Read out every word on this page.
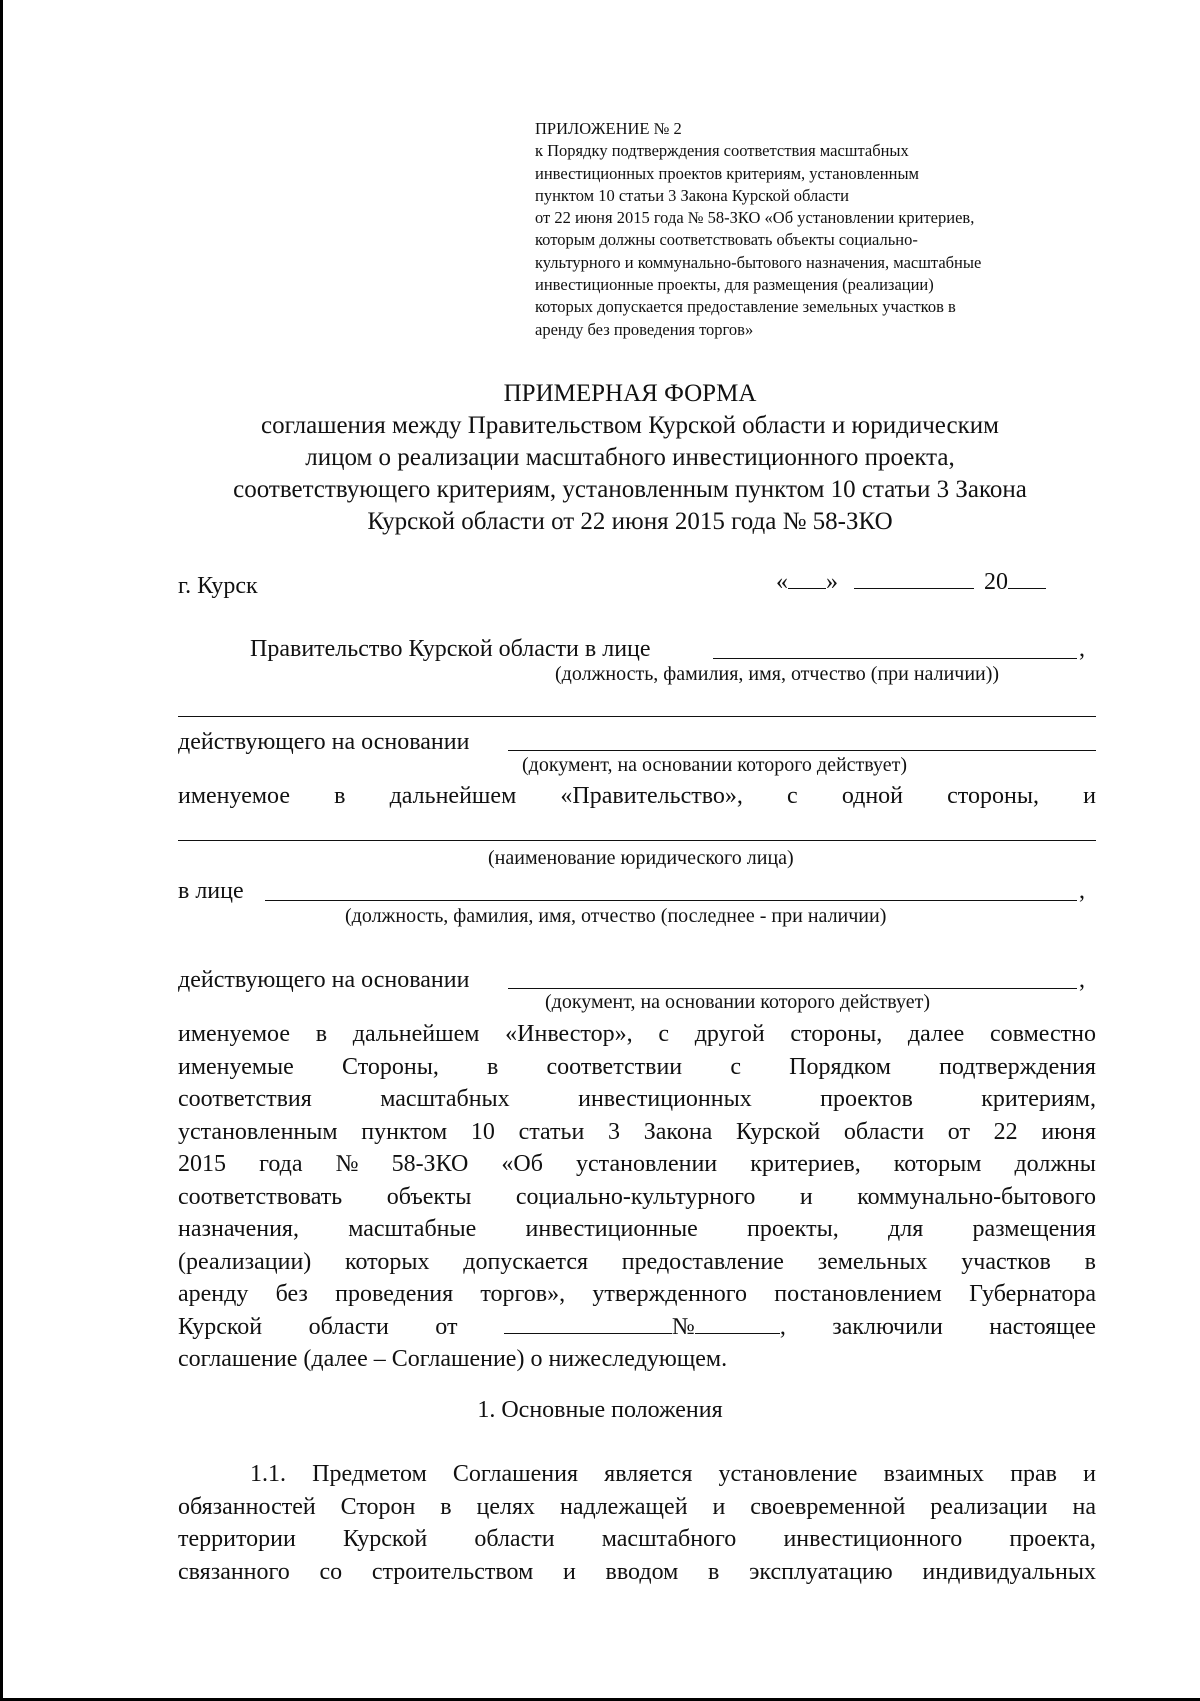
ПРИЛОЖЕНИЕ № 2
к Порядку подтверждения соответствия масштабных
инвестиционных проектов критериям, установленным
пунктом 10 статьи 3 Закона Курской области
от 22 июня 2015 года № 58-ЗКО «Об установлении критериев,
которым должны соответствовать объекты социально-
культурного и коммунально-бытового назначения, масштабные
инвестиционные проекты, для размещения (реализации)
которых допускается предоставление земельных участков в
аренду без проведения торгов»
ПРИМЕРНАЯ ФОРМА
соглашения между Правительством Курской области и юридическим
лицом о реализации масштабного инвестиционного проекта,
соответствующего критериям, установленным пунктом 10 статьи 3 Закона
Курской области от 22 июня 2015 года № 58-ЗКО
г. Курск	« »	20
Правительство Курской области в лице	,
(должность, фамилия, имя, отчество (при наличии))
действующего на основании
(документ, на основании которого действует)
именуемое в дальнейшем «Правительство», с одной стороны, и
(наименование юридического лица)
в лице	,
(должность, фамилия, имя, отчество (последнее - при наличии)
действующего на основании	,
(документ, на основании которого действует)
именуемое в дальнейшем «Инвестор», с другой стороны, далее совместно
именуемые Стороны, в соответствии с Порядком подтверждения
соответствия	масштабных	инвестиционных	проектов	критериям,
установленным пунктом 10 статьи 3 Закона Курской области от 22 июня
2015 года № 58-ЗКО «Об установлении критериев, которым должны
соответствовать объекты социально-культурного и коммунально-бытового
назначения, масштабные инвестиционные проекты, для размещения
(реализации) которых допускается предоставление земельных участков в
аренду без проведения торгов», утвержденного постановлением Губернатора
Курской области от	№	, заключили настоящее
соглашение (далее – Соглашение) о нижеследующем.
1. Основные положения
1.1. Предметом Соглашения является установление взаимных прав и
обязанностей Сторон в целях надлежащей и своевременной реализации на
территории Курской области масштабного инвестиционного проекта,
связанного со строительством и вводом в эксплуатацию индивидуальных
